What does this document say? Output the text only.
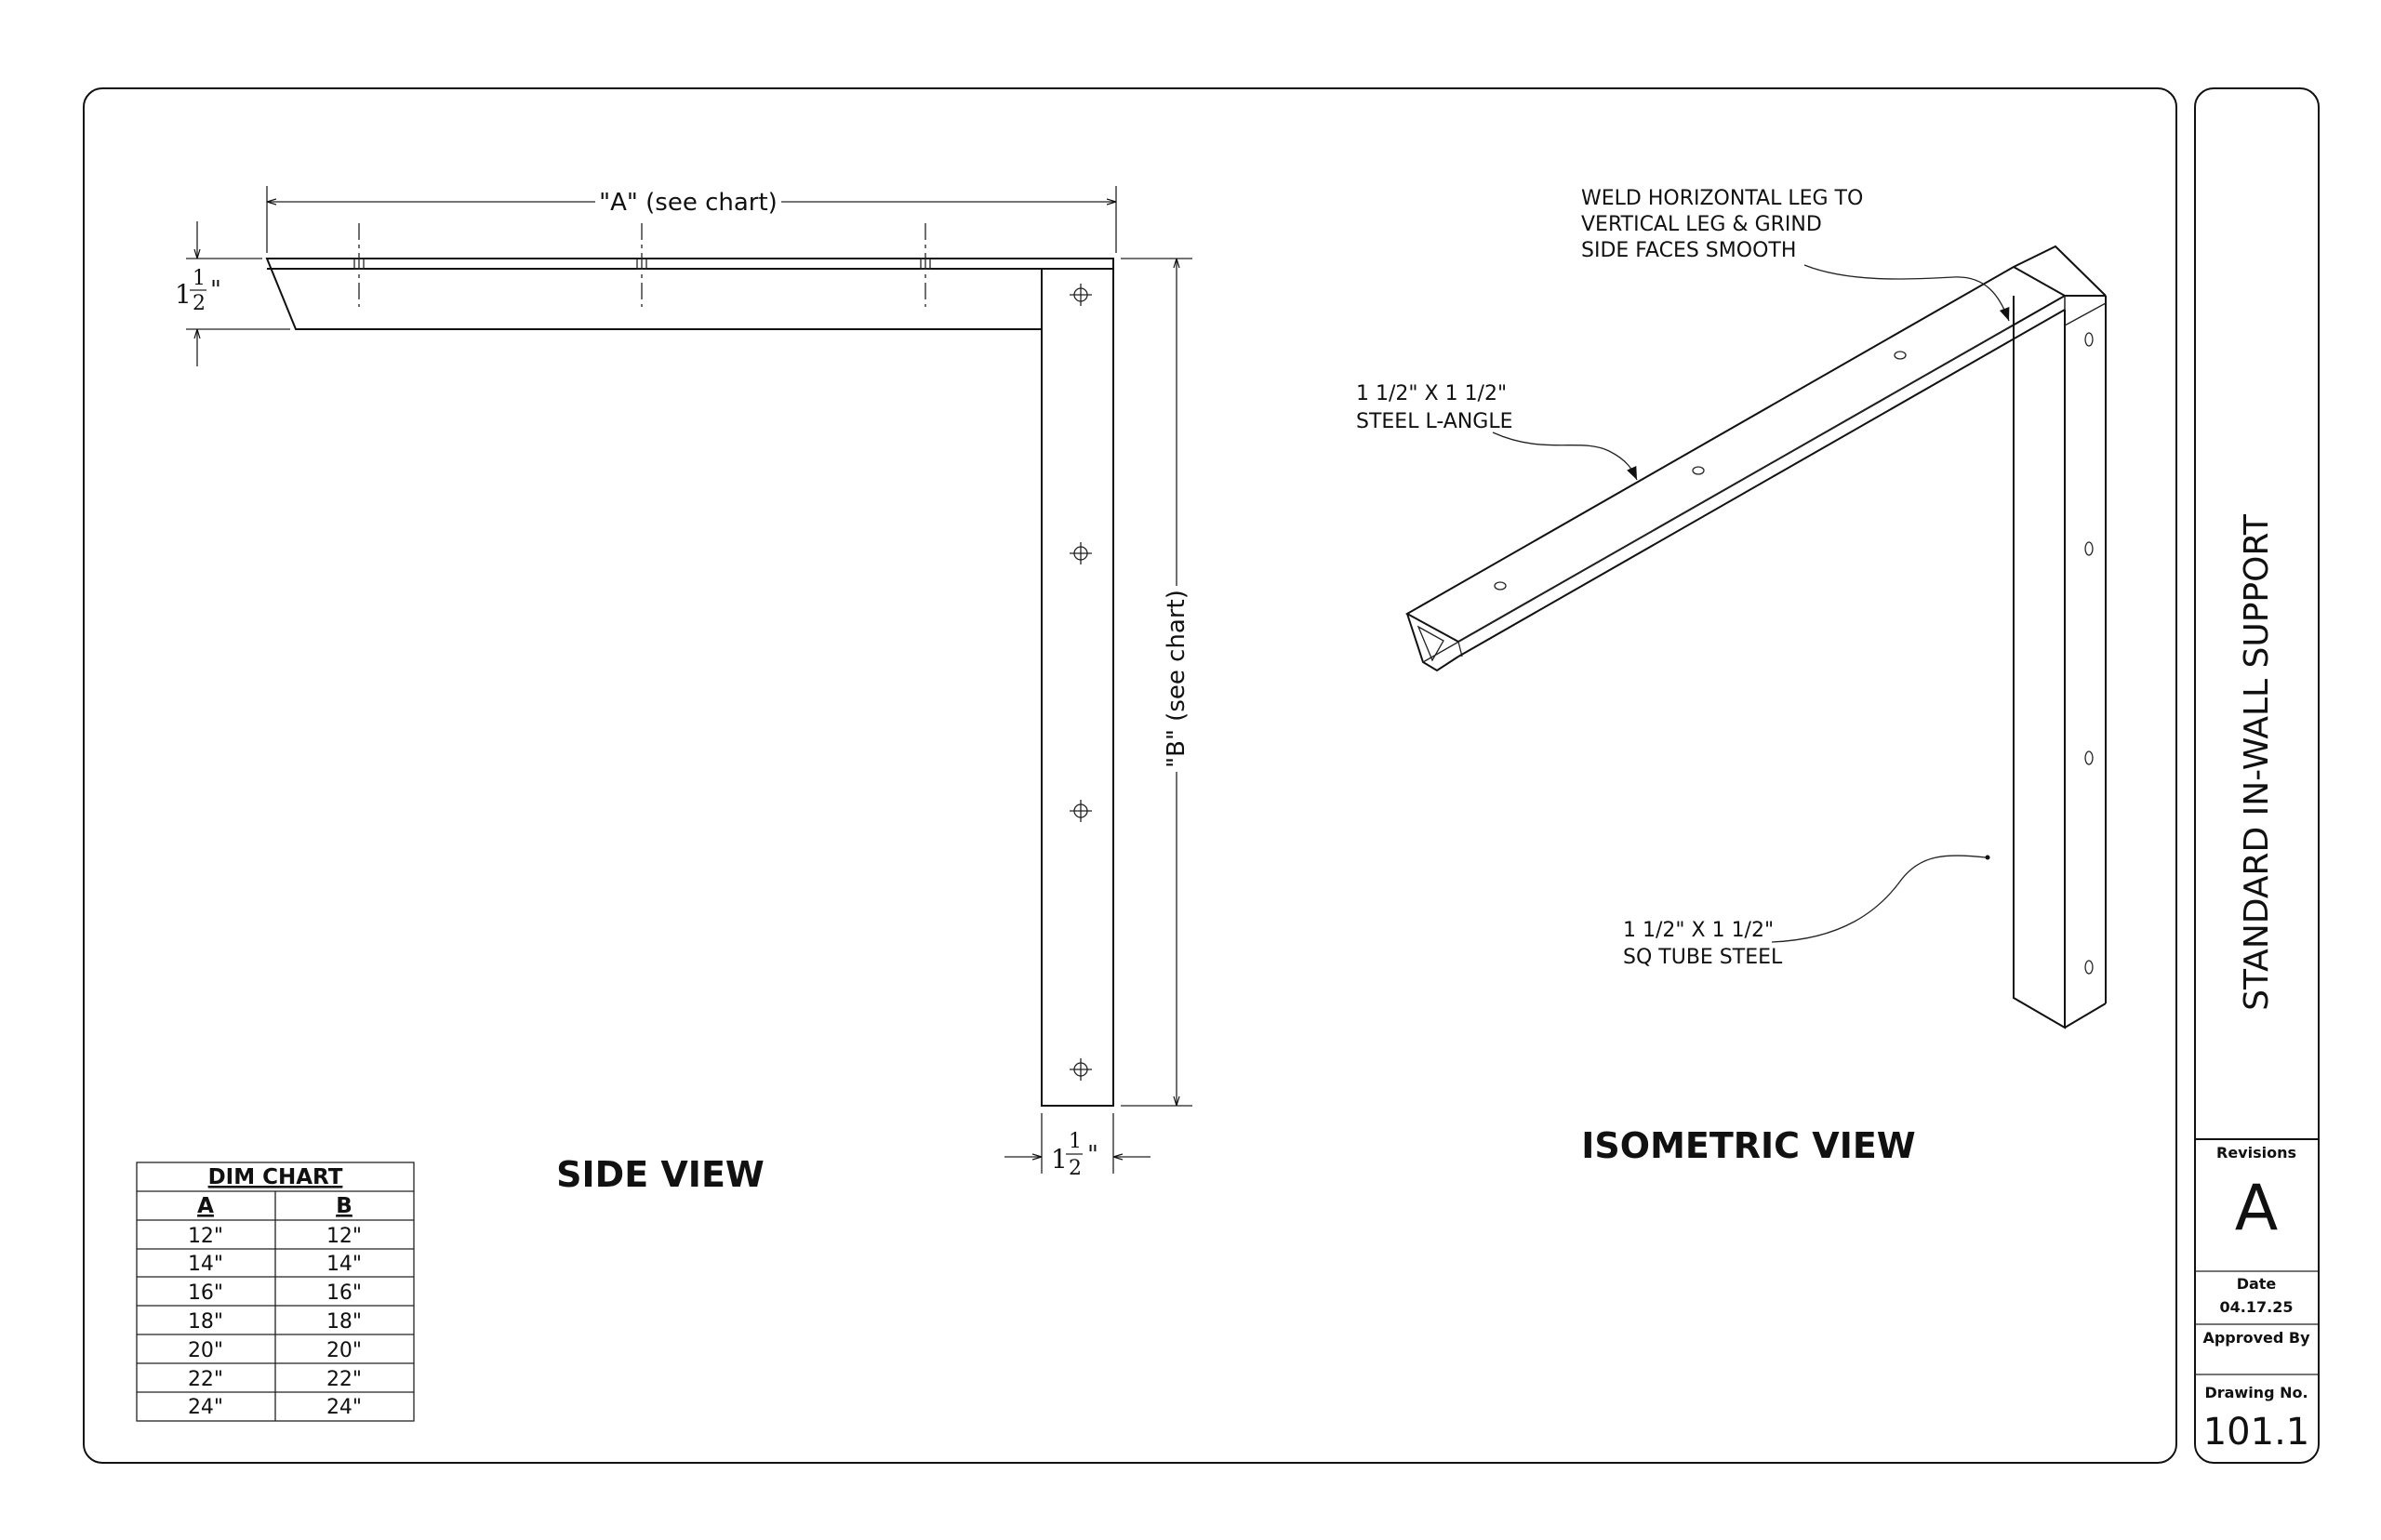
STANDARD IN-WALL SUPPORT
Revisions
A
Date
04.17.25
Approved By
Drawing No.
101.1
"A" (see chart)
"B" (see chart)
1
1
2 "
1
1
2 "
SIDE VIEW
DIM CHART
A	B
12"	12"
14"	14"
16"	16"
18"	18"
20"	20"
22"	22"
24"	24"
WELD HORIZONTAL LEG TO
VERTICAL LEG & GRIND
SIDE FACES SMOOTH
1 1/2" X 1 1/2"
STEEL L-ANGLE
1 1/2" X 1 1/2"
SQ TUBE STEEL
ISOMETRIC VIEW
